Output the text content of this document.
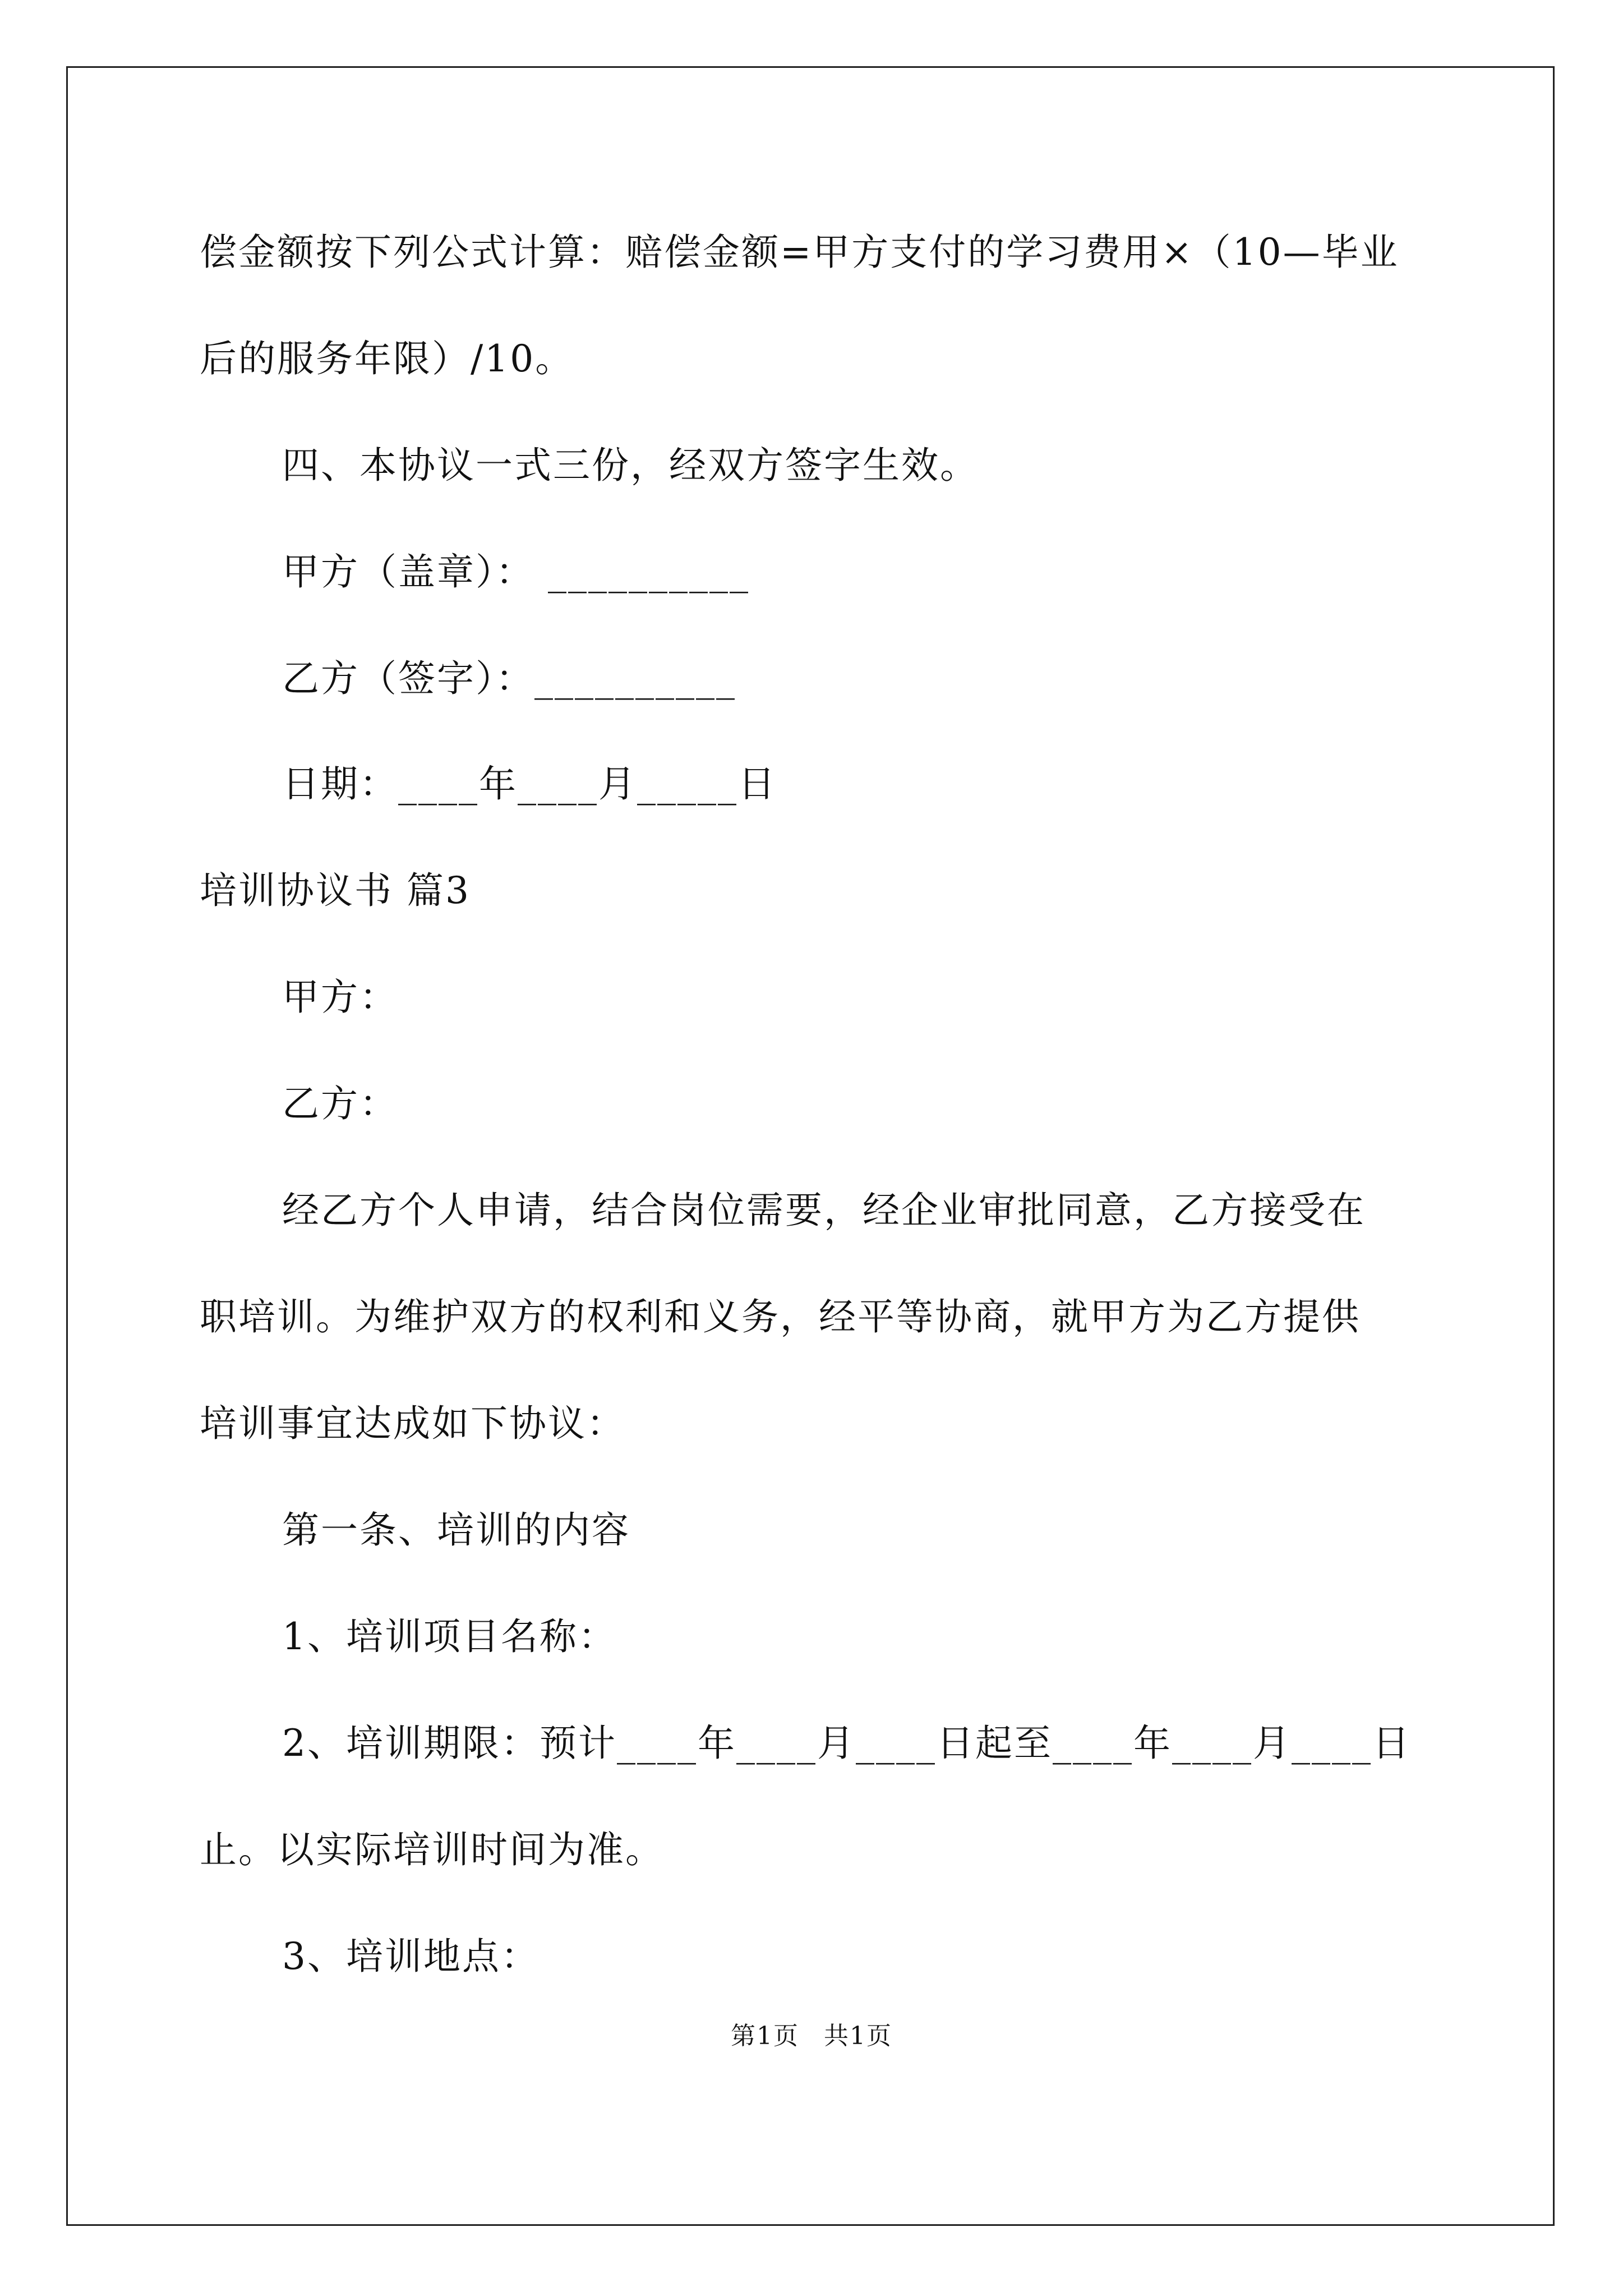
偿金额按下列公式计算：赔偿金额=甲方支付的学习费用×（10—毕业
后的服务年限）/10。
四、本协议一式三份，经双方签字生效。
甲方（盖章）： __________
乙方（签字）：__________
日期：____年____月_____日
培训协议书 篇3
甲方：
乙方：
经乙方个人申请，结合岗位需要，经企业审批同意，乙方接受在
职培训。为维护双方的权利和义务，经平等协商，就甲方为乙方提供
培训事宜达成如下协议：
第一条、培训的内容
1、培训项目名称：
2、培训期限：预计____年____月____日起至____年____月____日
止。以实际培训时间为准。
3、培训地点：
第1页 共1页
